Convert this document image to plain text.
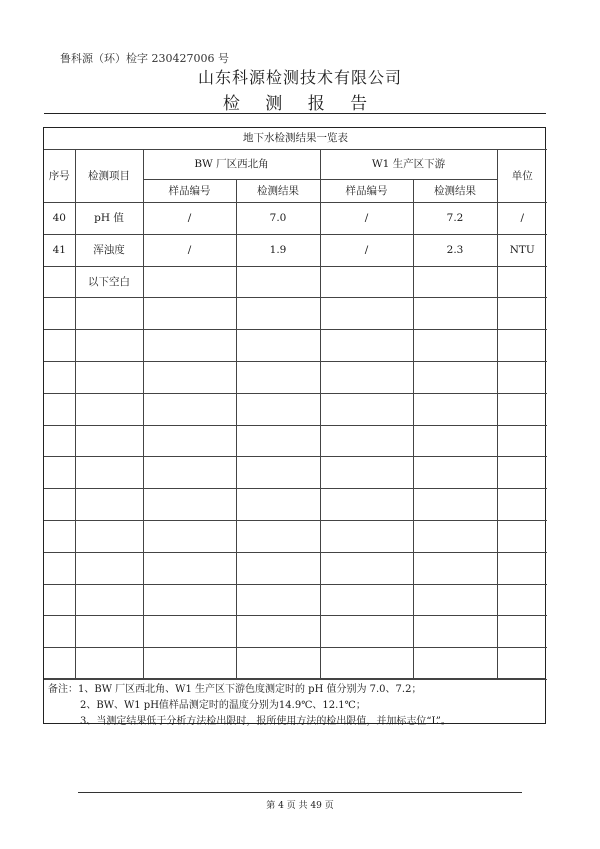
鲁科源（环）检字 230427006 号
山东科源检测技术有限公司
检 测 报 告
地下水检测结果一览表						
序号	检测项目	BW 厂区西北角		W1 生产区下游		单位
		样品编号	检测结果	样品编号	检测结果	
40	pH 值	/	7.0	/	7.2	/
41	浑浊度	/	1.9	/	2.3	NTU
	以下空白					

备注：1、BW 厂区西北角、W1 生产区下游色度测定时的 pH 值分别为 7.0、7.2；
2、BW、W1 pH值样品测定时的温度分别为14.9℃、12.1℃；
3、当测定结果低于分析方法检出限时，报所使用方法的检出限值，并加标志位“L”。
第 4 页 共 49 页
